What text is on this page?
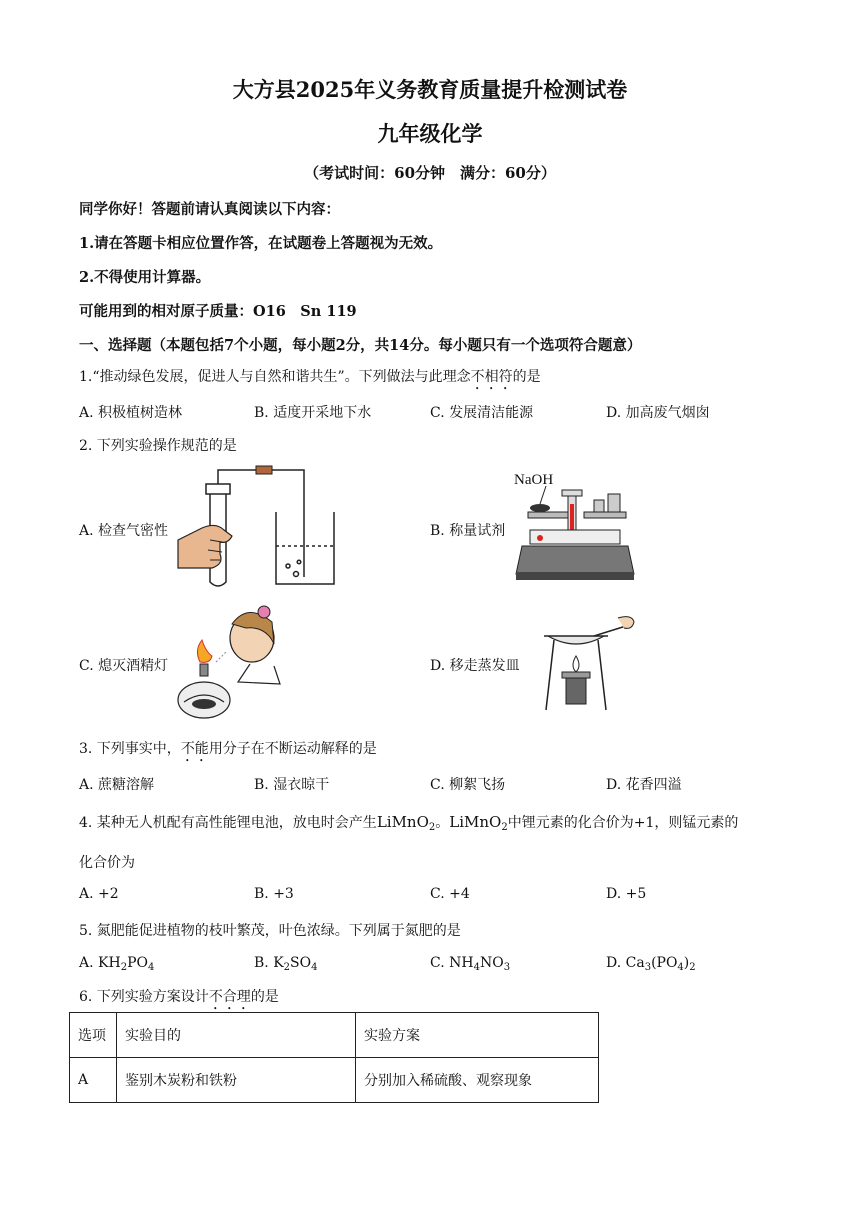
大方县2025年义务教育质量提升检测试卷
九年级化学
（考试时间：60分钟　满分：60分）
同学你好！答题前请认真阅读以下内容：
1.请在答题卡相应位置作答，在试题卷上答题视为无效。
2.不得使用计算器。
可能用到的相对原子质量：O16　Sn 119
一、选择题（本题包括7个小题，每小题2分，共14分。每小题只有一个选项符合题意）
1.“推动绿色发展，促进人与自然和谐共生”。下列做法与此理念不相符的是
A. 积极植树造林	B. 适度开采地下水	C. 发展清洁能源	D. 加高废气烟囱
2. 下列实验操作规范的是
A. 检查气密性	B. 称量试剂
C. 熄灭酒精灯	D. 移走蒸发皿
NaOH
3. 下列事实中，不能用分子在不断运动解释的是
A. 蔗糖溶解	B. 湿衣晾干	C. 柳絮飞扬	D. 花香四溢
4. 某种无人机配有高性能锂电池，放电时会产生LiMnO$_2$。LiMnO$_2$中锂元素的化合价为+1，则锰元素的
化合价为
A. +2	B. +3	C. +4	D. +5
5. 氮肥能促进植物的枝叶繁茂，叶色浓绿。下列属于氮肥的是
A. $KH_2PO_4$	B. $K_2SO_4$	C. $NH_4NO_3$	D. $Ca_3(PO_4)_2$
6. 下列实验方案设计不合理的是
选项	实验目的	实验方案
A	鉴别木炭粉和铁粉	分别加入稀硫酸、观察现象
